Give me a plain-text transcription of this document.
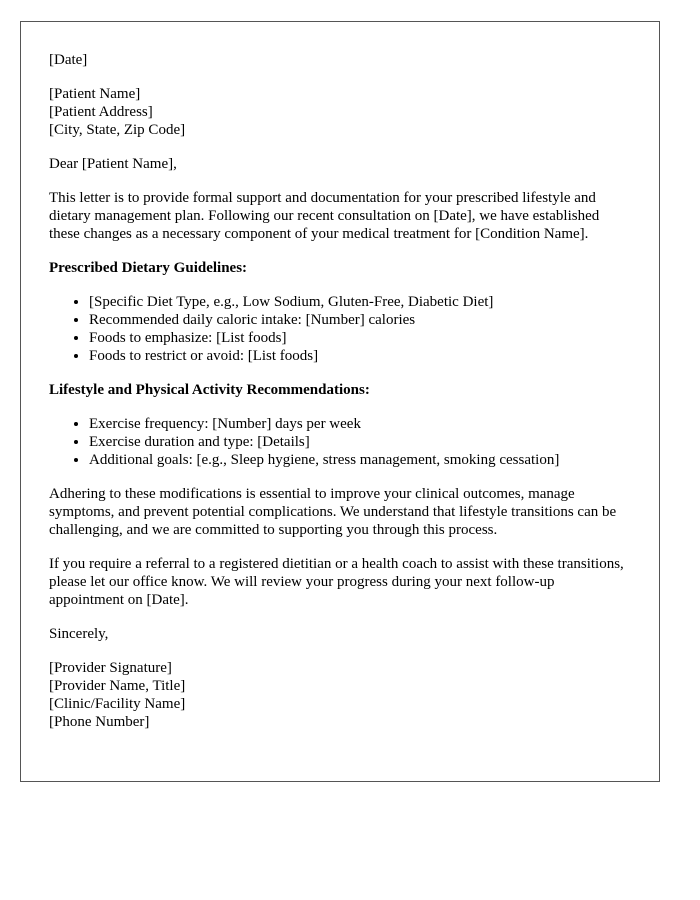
[Date]
[Patient Name]
[Patient Address]
[City, State, Zip Code]

Dear [Patient Name],

This letter is to provide formal support and documentation for your prescribed lifestyle and dietary management plan. Following our recent consultation on [Date], we have established these changes as a necessary component of your medical treatment for [Condition Name].

Prescribed Dietary Guidelines:
• [Specific Diet Type, e.g., Low Sodium, Gluten-Free, Diabetic Diet]
• Recommended daily caloric intake: [Number] calories
• Foods to emphasize: [List foods]
• Foods to restrict or avoid: [List foods]
Lifestyle and Physical Activity Recommendations:
• Exercise frequency: [Number] days per week
• Exercise duration and type: [Details]
• Additional goals: [e.g., Sleep hygiene, stress management, smoking cessation]

Adhering to these modifications is essential to improve your clinical outcomes, manage symptoms, and prevent potential complications. We understand that lifestyle transitions can be challenging, and we are committed to supporting you through this process.

If you require a referral to a registered dietitian or a health coach to assist with these transitions, please let our office know. We will review your progress during your next follow-up appointment on [Date].

Sincerely,

[Provider Signature]
[Provider Name, Title]
[Clinic/Facility Name]
[Phone Number]
